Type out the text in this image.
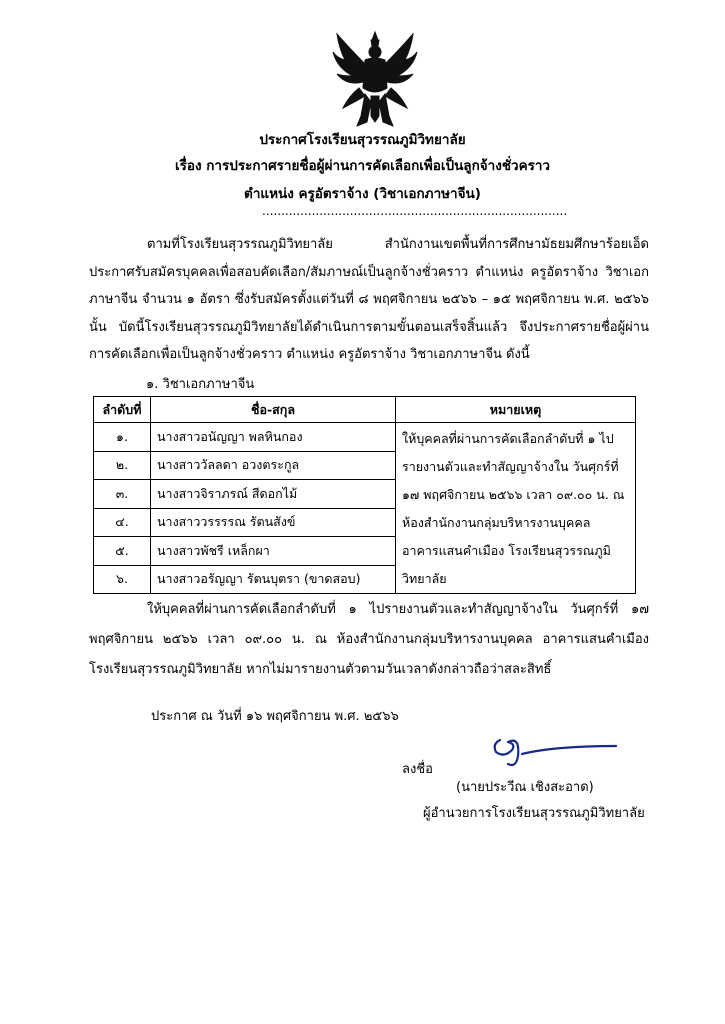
ประกาศโรงเรียนสุวรรณภูมิวิทยาลัย
เรื่อง การประกาศรายชื่อผู้ผ่านการคัดเลือกเพื่อเป็นลูกจ้างชั่วคราว
ตำแหน่ง ครูอัตราจ้าง (วิชาเอกภาษาจีน)
................................................................................

ตามที่โรงเรียนสุวรรณภูมิวิทยาลัย สำนักงานเขตพื้นที่การศึกษามัธยมศึกษาร้อยเอ็ด ประกาศรับสมัครบุคคลเพื่อสอบคัดเลือก/สัมภาษณ์เป็นลูกจ้างชั่วคราว ตำแหน่ง ครูอัตราจ้าง วิชาเอกภาษาจีน จำนวน ๑ อัตรา ซึ่งรับสมัครตั้งแต่วันที่ ๘ พฤศจิกายน ๒๕๖๖ – ๑๕ พฤศจิกายน พ.ศ. ๒๕๖๖ นั้น บัดนี้โรงเรียนสุวรรณภูมิวิทยาลัยได้ดำเนินการตามขั้นตอนเสร็จสิ้นแล้ว จึงประกาศรายชื่อผู้ผ่านการคัดเลือกเพื่อเป็นลูกจ้างชั่วคราว ตำแหน่ง ครูอัตราจ้าง วิชาเอกภาษาจีน ดังนี้

๑. วิชาเอกภาษาจีน
ลำดับที่	ชื่อ-สกุล	หมายเหตุ
๑.	นางสาวอนัญญา พลหินกอง	ให้บุคคลที่ผ่านการคัดเลือกลำดับที่ ๑ ไปรายงานตัวและทำสัญญาจ้างใน วันศุกร์ที่ ๑๗ พฤศจิกายน ๒๕๖๖ เวลา ๐๙.๐๐ น. ณ ห้องสำนักงานกลุ่มบริหารงานบุคคล อาคารแสนคำเมือง โรงเรียนสุวรรณภูมิวิทยาลัย
๒.	นางสาววัลลดา อวงตระกูล	
๓.	นางสาวจิราภรณ์ สีดอกไม้	
๔.	นางสาววรรรรณ รัตนสังข์	
๕.	นางสาวพัชรี เหล็กผา	
๖.	นางสาวอรัญญา รัตนบุตรา (ขาดสอบ)	

ให้บุคคลที่ผ่านการคัดเลือกลำดับที่ ๑ ไปรายงานตัวและทำสัญญาจ้างใน วันศุกร์ที่ ๑๗ พฤศจิกายน ๒๕๖๖ เวลา ๐๙.๐๐ น. ณ ห้องสำนักงานกลุ่มบริหารงานบุคคล อาคารแสนคำเมือง โรงเรียนสุวรรณภูมิวิทยาลัย หากไม่มารายงานตัวตามวันเวลาดังกล่าวถือว่าสละสิทธิ์

ประกาศ ณ วันที่ ๑๖ พฤศจิกายน พ.ศ. ๒๕๖๖
ลงชื่อ
(นายประวีณ เชิงสะอาด)
ผู้อำนวยการโรงเรียนสุวรรณภูมิวิทยาลัย
